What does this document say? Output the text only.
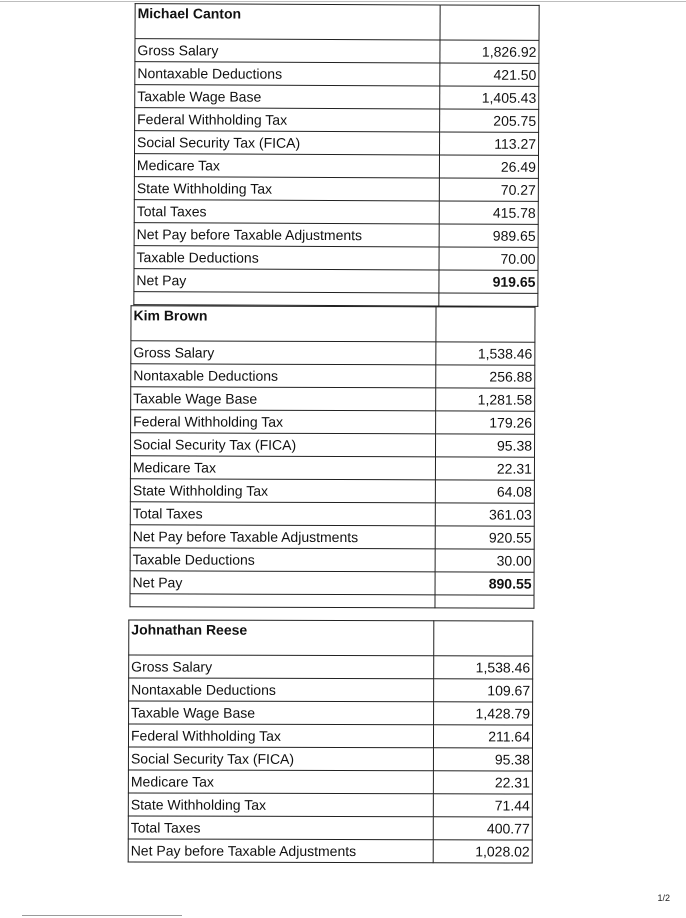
Michael Canton	
Gross Salary	1,826.92
Nontaxable Deductions	421.50
Taxable Wage Base	1,405.43
Federal Withholding Tax	205.75
Social Security Tax (FICA)	113.27
Medicare Tax	26.49
State Withholding Tax	70.27
Total Taxes	415.78
Net Pay before Taxable Adjustments	989.65
Taxable Deductions	70.00
Net Pay	919.65

Kim Brown	
Gross Salary	1,538.46
Nontaxable Deductions	256.88
Taxable Wage Base	1,281.58
Federal Withholding Tax	179.26
Social Security Tax (FICA)	95.38
Medicare Tax	22.31
State Withholding Tax	64.08
Total Taxes	361.03
Net Pay before Taxable Adjustments	920.55
Taxable Deductions	30.00
Net Pay	890.55

Johnathan Reese	
Gross Salary	1,538.46
Nontaxable Deductions	109.67
Taxable Wage Base	1,428.79
Federal Withholding Tax	211.64
Social Security Tax (FICA)	95.38
Medicare Tax	22.31
State Withholding Tax	71.44
Total Taxes	400.77
Net Pay before Taxable Adjustments	1,028.02
1/2
